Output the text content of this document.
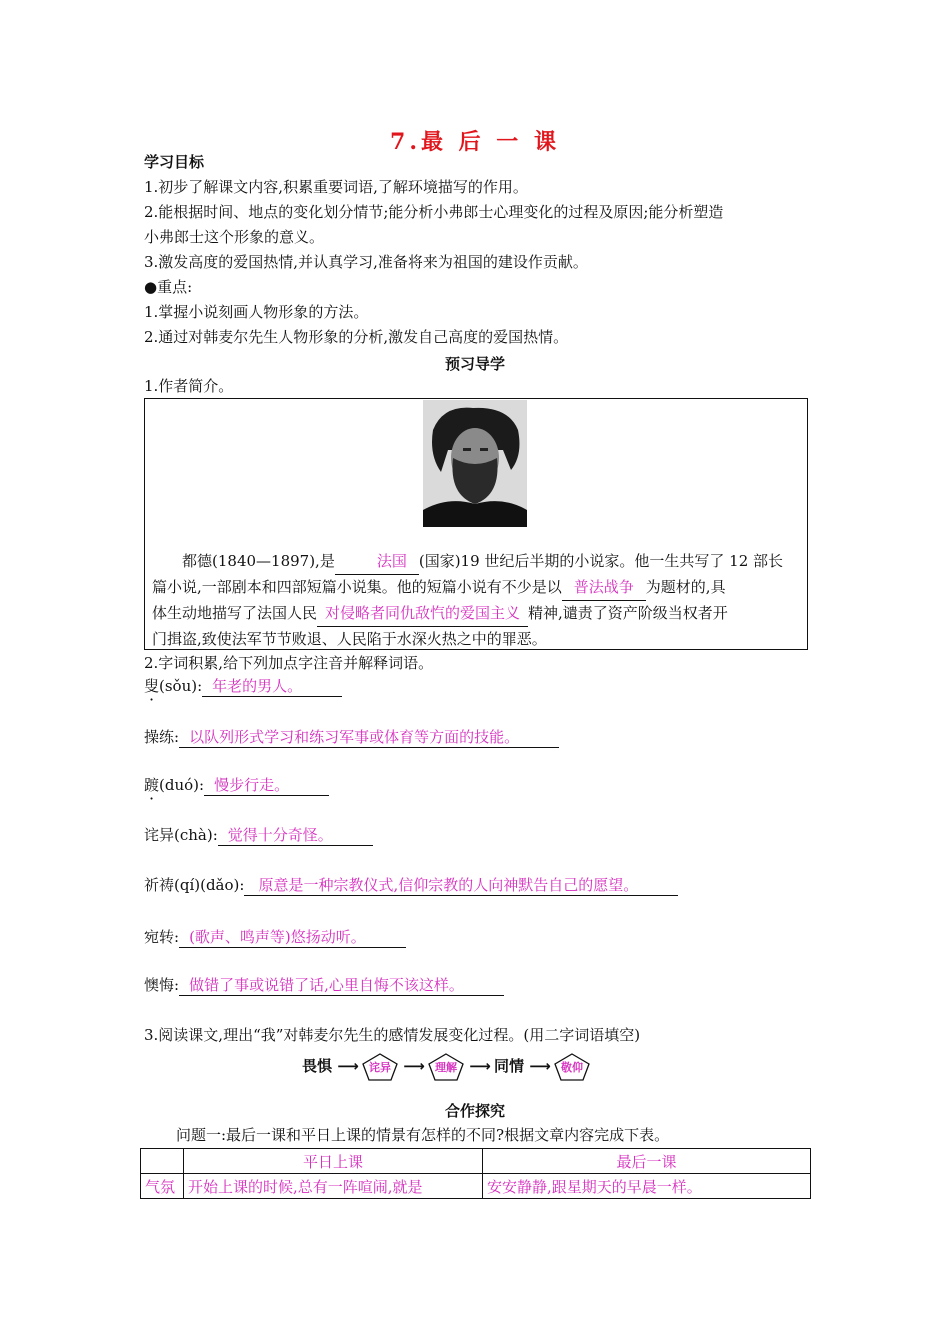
7.最 后 一 课
学习目标
1.初步了解课文内容,积累重要词语,了解环境描写的作用。
2.能根据时间、地点的变化划分情节;能分析小弗郎士心理变化的过程及原因;能分析塑造
小弗郎士这个形象的意义。
3.激发高度的爱国热情,并认真学习,准备将来为祖国的建设作贡献。
●重点:
1.掌握小说刻画人物形象的方法。
2.通过对韩麦尔先生人物形象的分析,激发自己高度的爱国热情。
预习导学
1.作者简介。
都德(1840—1897),是	法国 (国家)19 世纪后半期的小说家。他一生共写了 12 部长
篇小说,一部剧本和四部短篇小说集。他的短篇小说有不少是以 普法战争 为题材的,具
体生动地描写了法国人民 对侵略者同仇敌忾的爱国主义 精神,谴责了资产阶级当权者开
门揖盗,致使法军节节败退、人民陷于水深火热之中的罪恶。
2.字词积累,给下列加点字注音并解释词语。
叟(sǒu): · 年老的男人。
操练: 以队列形式学习和练习军事或体育等方面的技能。
踱(duó): · 慢步行走。
诧异(chà): 觉得十分奇怪。
祈祷(qí)(dǎo): 原意是一种宗教仪式,信仰宗教的人向神默告自己的愿望。
宛转: (歌声、鸣声等)悠扬动听。
懊悔: 做错了事或说错了话,心里自悔不该这样。
3.阅读课文,理出“我”对韩麦尔先生的感情发展变化过程。(用二字词语填空)
畏惧 ⟶	诧异 ⟶	理解 ⟶ 同情 ⟶	敬仰
合作探究
问题一:最后一课和平日上课的情景有怎样的不同?根据文章内容完成下表。
	平日上课	最后一课
气氛	开始上课的时候,总有一阵喧闹,就是	安安静静,跟星期天的早晨一样。
